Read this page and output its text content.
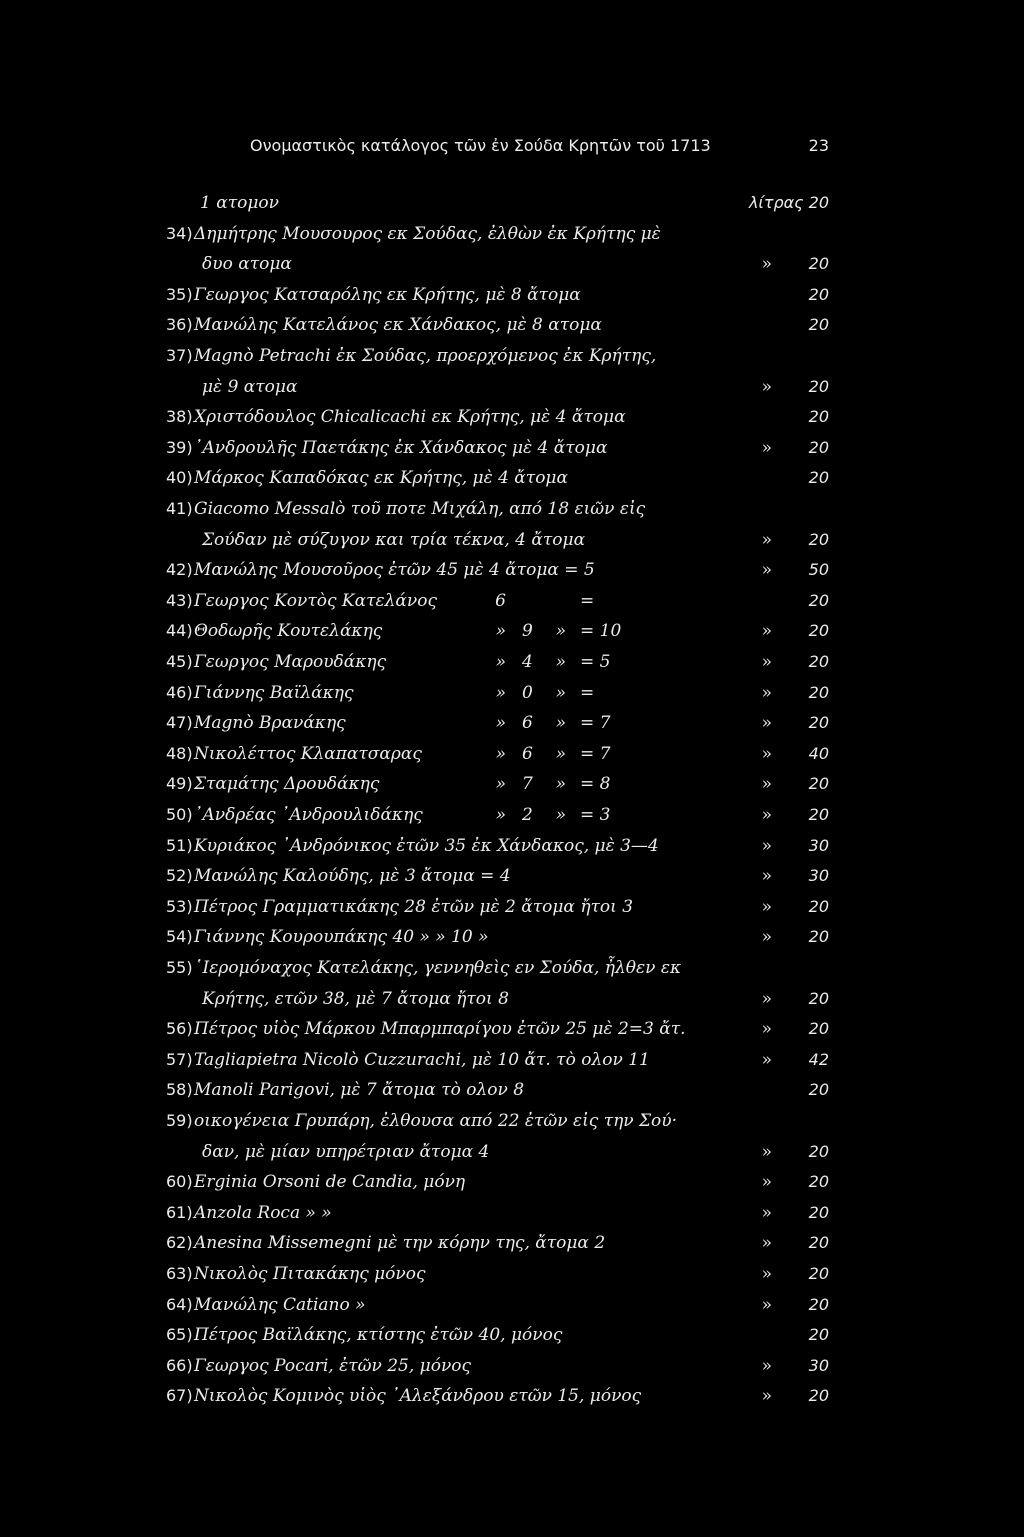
Ονομαστικὸς κατάλογος τῶν ἐν Σούδα Κρητῶν τοῦ 1713	23
1 ατομον	λίτρας 20
34) Δημήτρης Μουσουρος εκ Σούδας, ἐλθὼν ἐκ Κρήτης μὲ
δυο ατομα	» 20
35) Γεωργος Κατσαρόλης εκ Κρήτης, μὲ 8 ἄτομα	20
36) Μανώλης Κατελάνος εκ Χάνδακος, μὲ 8 ατομα	20
37) Magnò Petrachi ἐκ Σούδας, προερχόμενος ἐκ Κρήτης,
μὲ 9 ατομα	» 20
38) Χριστόδουλος Chicalicachi εκ Κρήτης, μὲ 4 ἄτομα	20
39) ᾿Ανδρουλῆς Παετάκης ἐκ Χάνδακος μὲ 4 ἄτομα	» 20
40) Μάρκος Καπαδόκας εκ Κρήτης, μὲ 4 ἄτομα	20
41) Giacomo Messalò τοῦ ποτε Μιχάλη, από 18 ειῶν εἰς
Σούδαν μὲ σύζυγον και τρία τέκνα, 4 ἄτομα	» 20
42) Μανώλης Μουσοῦρος ἐτῶν 45 μὲ 4 ἄτομα = 5	» 50
43) Γεωργος Κοντὸς Κατελάνος	6	=	20
44) Θοδωρῆς Κουτελάκης	» 9	» = 10	» 20
45) Γεωργος Μαρουδάκης	» 4	» = 5	» 20
46) Γιάννης Βαϊλάκης	» 0	» =	» 20
47) Magnò Βρανάκης	» 6	» = 7	» 20
48) Νικολέττος Κλαπατσαρας	» 6	» = 7	» 40
49) Σταμάτης Δρουδάκης	» 7	» = 8	» 20
50) ᾿Ανδρέας ᾿Ανδρουλιδάκης	» 2	» = 3	» 20
51) Κυριάκος ᾿Ανδρόνικος ἐτῶν 35 ἐκ Χάνδακος, μὲ 3—4	» 30
52) Μανώλης Καλούδης, μὲ 3 ἄτομα = 4	» 30
53) Πέτρος Γραμματικάκης 28 ἐτῶν μὲ 2 ἄτομα ἤτοι 3	» 20
54) Γιάννης Κουρουπάκης 40 » » 10 »	» 20
55) ῾Ιερομόναχος Κατελάκης, γεννηθεὶς εν Σούδα, ἦλθεν εκ
Κρήτης, ετῶν 38, μὲ 7 ἄτομα ἤτοι 8	» 20
56) Πέτρος υἱὸς Μάρκου Μπαρμπαρίγου ἐτῶν 25 μὲ 2=3 ἄτ.	» 20
57) Tagliapietra Nicolò Cuzzurachi, μὲ 10 ἄτ. τὸ ολον 11	» 42
58) Manoli Parigovi, μὲ 7 ἄτομα τὸ ολον 8	20
59) οικογένεια Γρυπάρη, ἐλθουσα από 22 ἐτῶν εἰς την Σού·
δαν, μὲ μίαν υπηρέτριαν ἄτομα 4	» 20
60) Erginia Orsoni de Candia, μόνη	» 20
61) Anzola Roca » »	» 20
62) Anesina Missemegni μὲ την κόρην της, ἄτομα 2	» 20
63) Νικολὸς Πιτακάκης μόνος	» 20
64) Μανώλης Catiano »	» 20
65) Πέτρος Βαϊλάκης, κτίστης ἐτῶν 40, μόνος	20
66) Γεωργος Pocari, ἐτῶν 25, μόνος	» 30
67) Νικολὸς Κομινὸς υἱὸς ᾿Αλεξάνδρου ετῶν 15, μόνος	» 20
